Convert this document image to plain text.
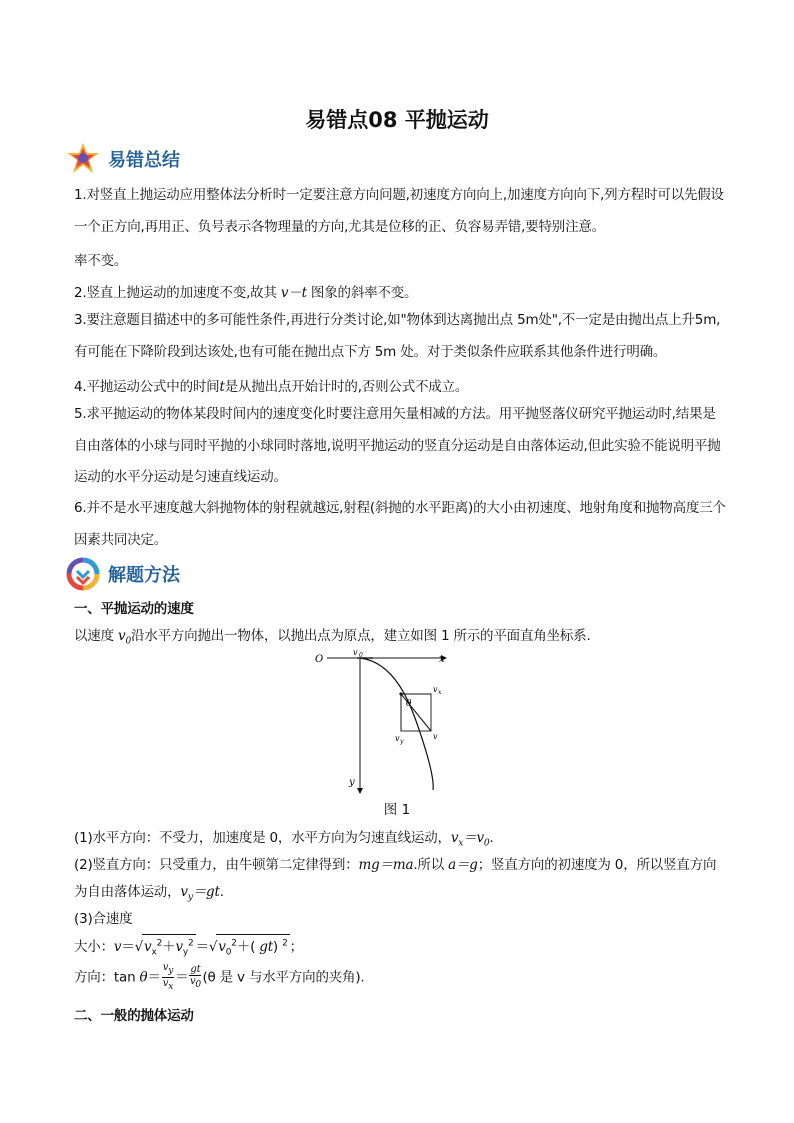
易错点08 平抛运动
易错总结
1.对竖直上抛运动应用整体法分析时一定要注意方向问题,初速度方向向上,加速度方向向下,列方程时可以先假设一个正方向,再用正、负号表示各物理量的方向,尤其是位移的正、负容易弄错,要特别注意。
率不变。
2.竖直上抛运动的加速度不变,故其 v－t 图象的斜率不变。
3.要注意题目描述中的多可能性条件,再进行分类讨论,如"物体到达离抛出点 5m处",不一定是由抛出点上升5m,有可能在下降阶段到达该处,也有可能在抛出点下方 5m 处。对于类似条件应联系其他条件进行明确。
4.平抛运动公式中的时间t是从抛出点开始计时的,否则公式不成立。
5.求平抛运动的物体某段时间内的速度变化时要注意用矢量相减的方法。用平抛竖落仪研究平抛运动时,结果是自由落体的小球与同时平抛的小球同时落地,说明平抛运动的竖直分运动是自由落体运动,但此实验不能说明平抛运动的水平分运动是匀速直线运动。
6.并不是水平速度越大斜抛物体的射程就越远,射程(斜抛的水平距离)的大小由初速度、地射角度和抛物高度三个因素共同决定。
解题方法
一、平抛运动的速度
以速度 $v_0$沿水平方向抛出一物体，以抛出点为原点，建立如图 1 所示的平面直角坐标系.
O	x
v 0
y
θ
v x
v y
v
图 1
(1)水平方向：不受力，加速度是 0，水平方向为匀速直线运动，$v_x=v_0$.
(2)竖直方向：只受重力，由牛顿第二定律得到：mg＝ma.所以 a＝g；竖直方向的初速度为 0，所以竖直方向
为自由落体运动，$v_y=gt$.
(3)合速度
大小：$v=√v_x^2+v_y^2 =√v_0^2+$( gt) $^2$ ；
方向：$\tan \theta= \frac{v_y}{v_x} = \frac{gt}{v_0} (\theta$ 是 v 与水平方向的夹角).
二、一般的抛体运动
